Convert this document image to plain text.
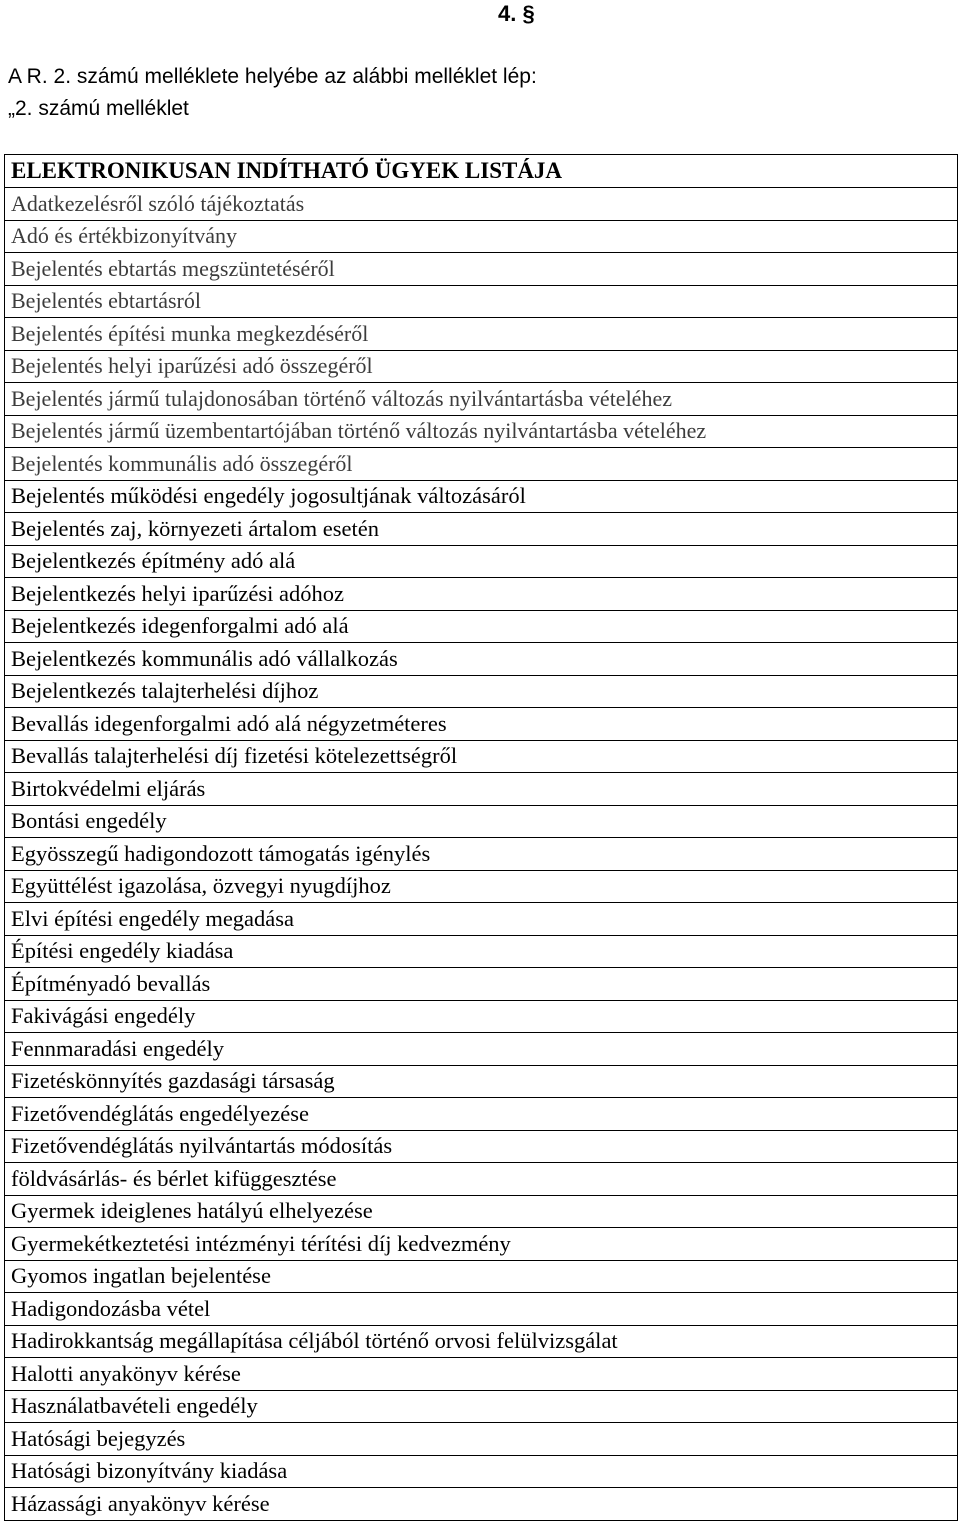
4. §
A R. 2. számú melléklete helyébe az alábbi melléklet lép:
„2. számú melléklet
ELEKTRONIKUSAN INDÍTHATÓ ÜGYEK LISTÁJA
Adatkezelésről szóló tájékoztatás
Adó és értékbizonyítvány
Bejelentés ebtartás megszüntetéséről
Bejelentés ebtartásról
Bejelentés építési munka megkezdéséről
Bejelentés helyi iparűzési adó összegéről
Bejelentés jármű tulajdonosában történő változás nyilvántartásba vételéhez
Bejelentés jármű üzembentartójában történő változás nyilvántartásba vételéhez
Bejelentés kommunális adó összegéről
Bejelentés működési engedély jogosultjának változásáról
Bejelentés zaj, környezeti ártalom esetén
Bejelentkezés építmény adó alá
Bejelentkezés helyi iparűzési adóhoz
Bejelentkezés idegenforgalmi adó alá
Bejelentkezés kommunális adó vállalkozás
Bejelentkezés talajterhelési díjhoz
Bevallás idegenforgalmi adó alá négyzetméteres
Bevallás talajterhelési díj fizetési kötelezettségről
Birtokvédelmi eljárás
Bontási engedély
Egyösszegű hadigondozott támogatás igénylés
Együttélést igazolása, özvegyi nyugdíjhoz
Elvi építési engedély megadása
Építési engedély kiadása
Építményadó bevallás
Fakivágási engedély
Fennmaradási engedély
Fizetéskönnyítés gazdasági társaság
Fizetővendéglátás engedélyezése
Fizetővendéglátás nyilvántartás módosítás
földvásárlás- és bérlet kifüggesztése
Gyermek ideiglenes hatályú elhelyezése
Gyermekétkeztetési intézményi térítési díj kedvezmény
Gyomos ingatlan bejelentése
Hadigondozásba vétel
Hadirokkantság megállapítása céljából történő orvosi felülvizsgálat
Halotti anyakönyv kérése
Használatbavételi engedély
Hatósági bejegyzés
Hatósági bizonyítvány kiadása
Házassági anyakönyv kérése
